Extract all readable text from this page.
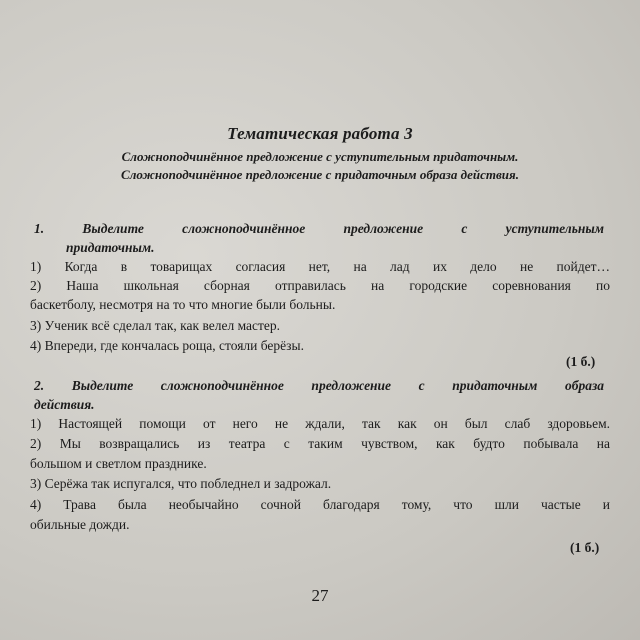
Тематическая работа 3
Сложноподчинённое предложение с уступительным придаточным.
Сложноподчинённое предложение с придаточным образа действия.
1. Выделите сложноподчинённое предложение с уступительным
придаточным.
1) Когда в товарищах согласия нет, на лад их дело не пойдет…
2) Наша школьная сборная отправилась на городские соревнования по
баскетболу, несмотря на то что многие были больны.
3) Ученик всё сделал так, как велел мастер.
4) Впереди, где кончалась роща, стояли берёзы.
(1 б.)
2. Выделите сложноподчинённое предложение с придаточным образа
действия.
1) Настоящей помощи от него не ждали, так как он был слаб здоровьем.
2) Мы возвращались из театра с таким чувством, как будто побывала на
большом и светлом празднике.
3) Серёжа так испугался, что побледнел и задрожал.
4) Трава была необычайно сочной благодаря тому, что шли частые и
обильные дожди.
(1 б.)
27
